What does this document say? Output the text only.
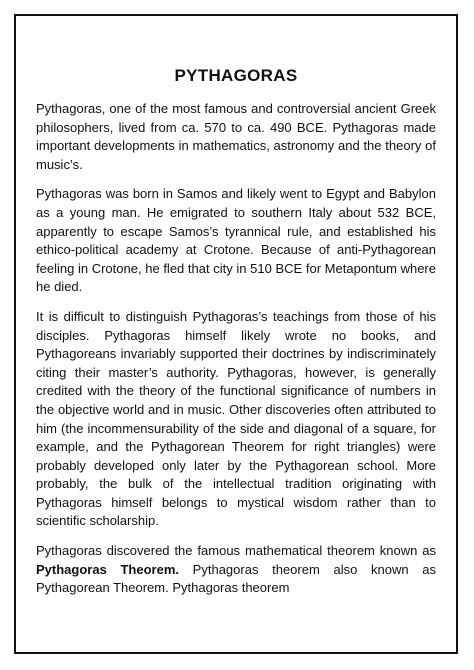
PYTHAGORAS

Pythagoras, one of the most famous and controversial ancient Greek philosophers, lived from ca. 570 to ca. 490 BCE. Pythagoras made important developments in mathematics, astronomy and the theory of music’s.

Pythagoras was born in Samos and likely went to Egypt and Babylon as a young man. He emigrated to southern Italy about 532 BCE, apparently to escape Samos’s tyrannical rule, and established his ethico-political academy at Crotone. Because of anti-Pythagorean feeling in Crotone, he fled that city in 510 BCE for Metapontum where he died.

It is difficult to distinguish Pythagoras’s teachings from those of his disciples. Pythagoras himself likely wrote no books, and Pythagoreans invariably supported their doctrines by indiscriminately citing their master’s authority. Pythagoras, however, is generally credited with the theory of the functional significance of numbers in the objective world and in music. Other discoveries often attributed to him (the incommensurability of the side and diagonal of a square, for example, and the Pythagorean Theorem for right triangles) were probably developed only later by the Pythagorean school. More probably, the bulk of the intellectual tradition originating with Pythagoras himself belongs to mystical wisdom rather than to scientific scholarship.

Pythagoras discovered the famous mathematical theorem known as Pythagoras Theorem. Pythagoras theorem also known as Pythagorean Theorem. Pythagoras theorem
